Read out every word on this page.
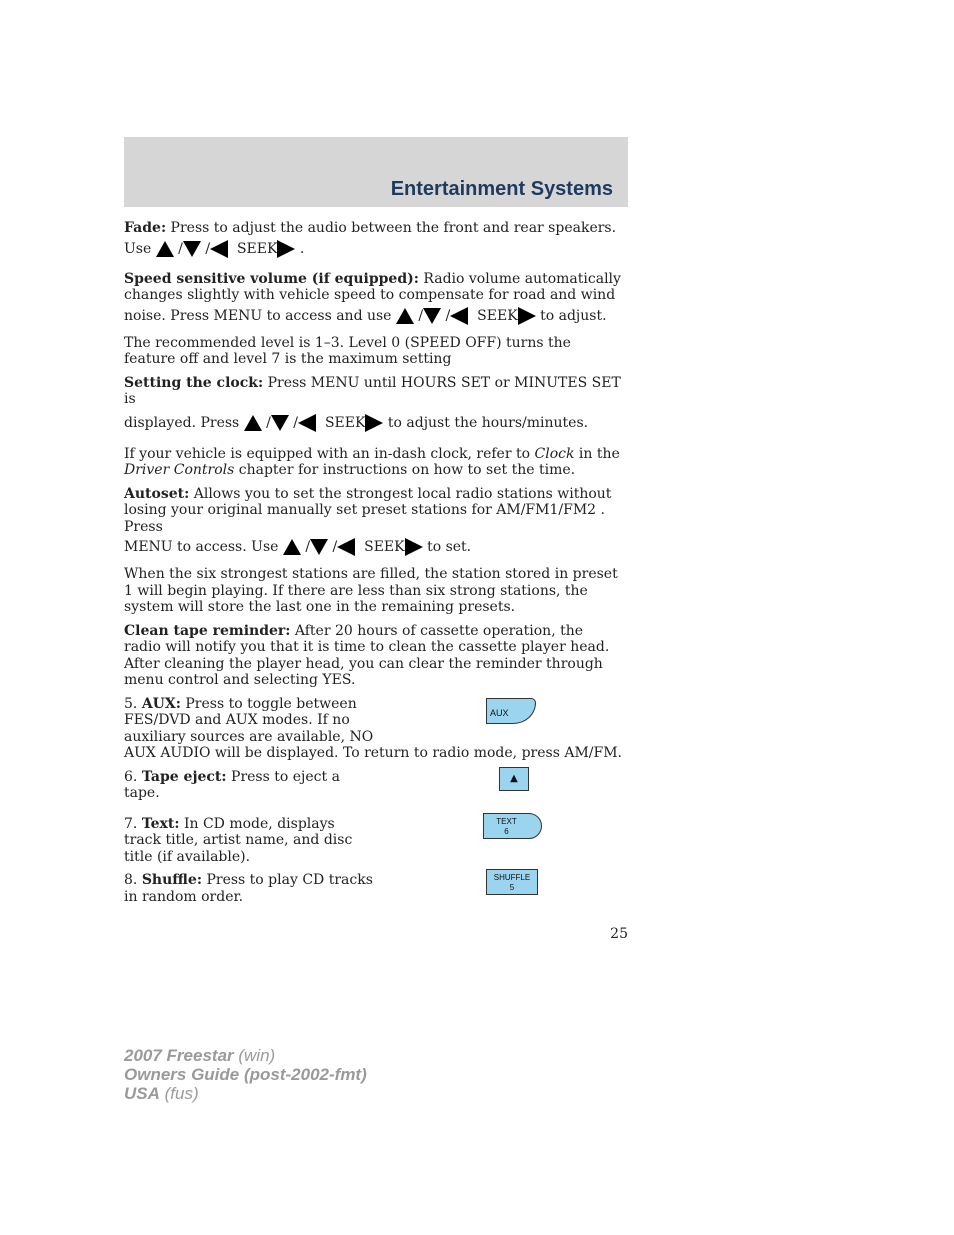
Entertainment Systems
Fade: Press to adjust the audio between the front and rear speakers.
Use  / / SEEK .
Speed sensitive volume (if equipped): Radio volume automatically changes slightly with vehicle speed to compensate for road and wind
noise. Press MENU to access and use  / / SEEK to adjust.
The recommended level is 1–3. Level 0 (SPEED OFF) turns the feature off and level 7 is the maximum setting
Setting the clock: Press MENU until HOURS SET or MINUTES SET is
displayed. Press  / / SEEK to adjust the hours/minutes.
If your vehicle is equipped with an in-dash clock, refer to Clock in the Driver Controls chapter for instructions on how to set the time.
Autoset: Allows you to set the strongest local radio stations without losing your original manually set preset stations for AM/FM1/FM2 . Press
MENU to access. Use  / / SEEK to set.
When the six strongest stations are filled, the station stored in preset 1 will begin playing. If there are less than six strong stations, the system will store the last one in the remaining presets.
Clean tape reminder: After 20 hours of cassette operation, the radio will notify you that it is time to clean the cassette player head. After cleaning the player head, you can clear the reminder through menu control and selecting YES.
5. AUX: Press to toggle between FES/DVD and AUX modes. If no auxiliary sources are available, NO
AUX AUDIO will be displayed. To return to radio mode, press AM/FM.
AUX
6. Tape eject: Press to eject a tape.
▲
7. Text: In CD mode, displays track title, artist name, and disc title (if available).
TEXT
6
8. Shuffle: Press to play CD tracks in random order.
SHUFFLE
5
25
2007 Freestar (win)
Owners Guide (post-2002-fmt)
USA (fus)
